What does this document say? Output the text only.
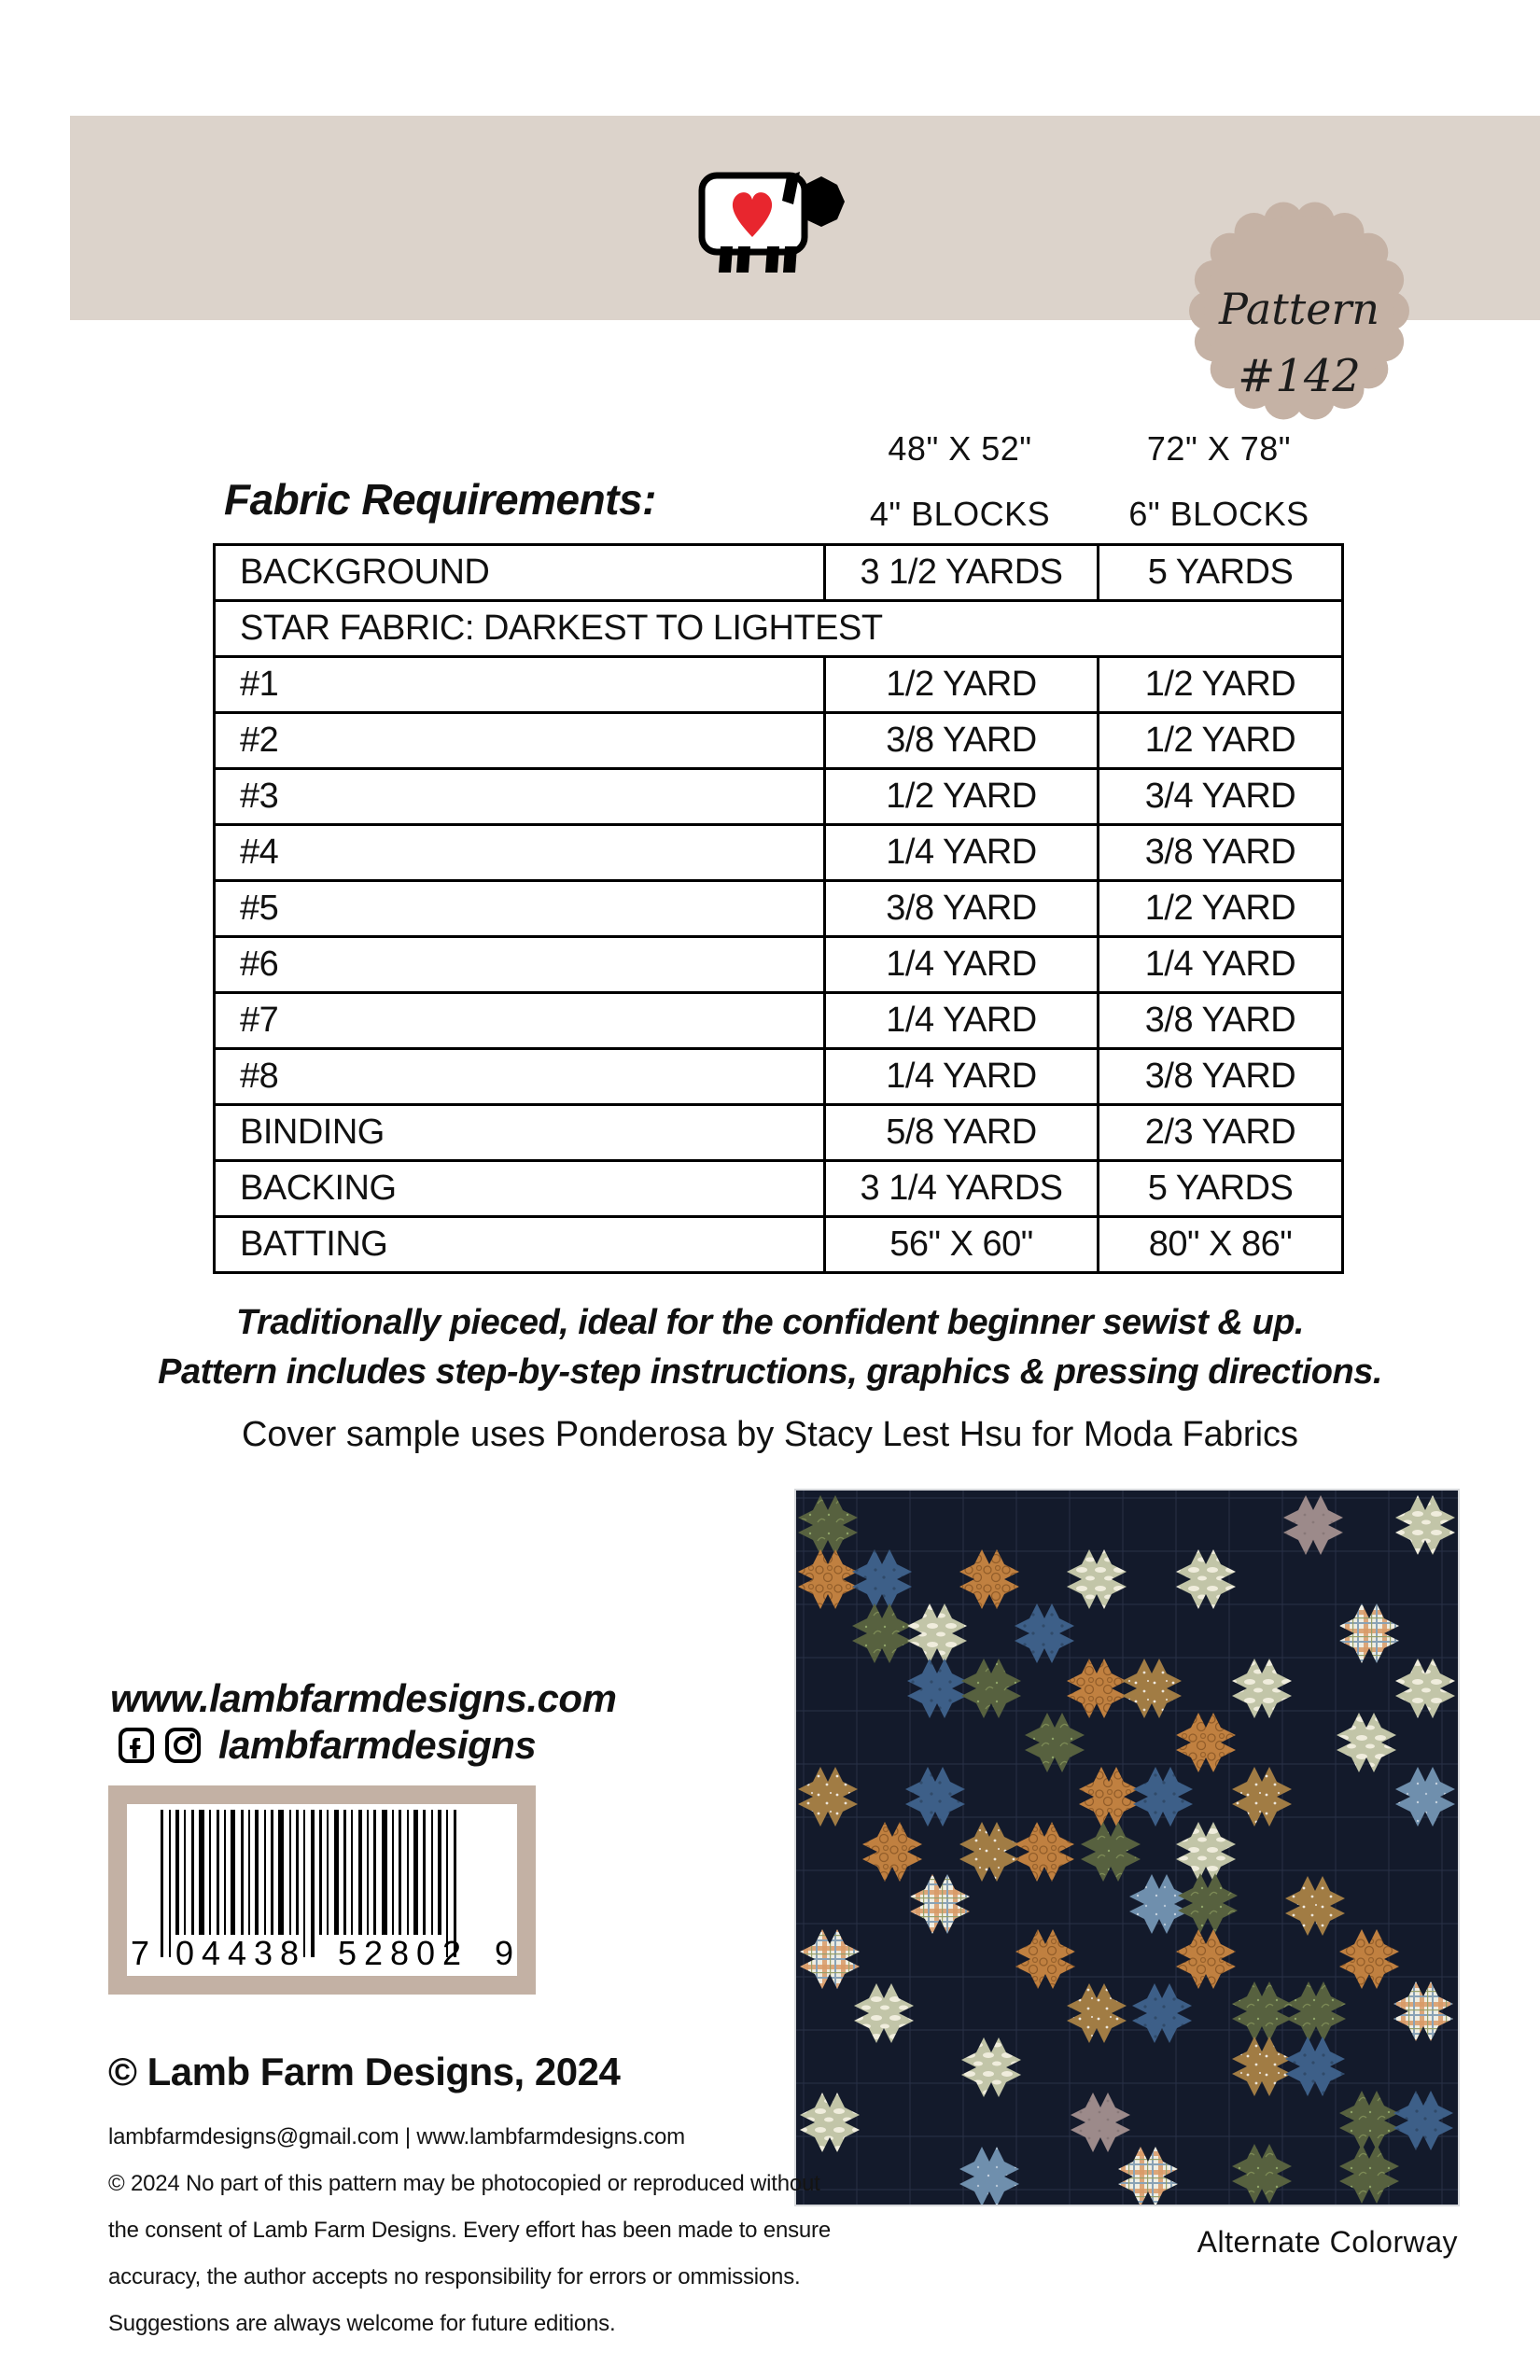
Pattern
#142
Fabric Requirements:
48" X 52"
4" BLOCKS
72" X 78"
6" BLOCKS
BACKGROUND	3 1/2 YARDS	5 YARDS
STAR FABRIC: DARKEST TO LIGHTEST		
#1	1/2 YARD	1/2 YARD
#2	3/8 YARD	1/2 YARD
#3	1/2 YARD	3/4 YARD
#4	1/4 YARD	3/8 YARD
#5	3/8 YARD	1/2 YARD
#6	1/4 YARD	1/4 YARD
#7	1/4 YARD	3/8 YARD
#8	1/4 YARD	3/8 YARD
BINDING	5/8 YARD	2/3 YARD
BACKING	3 1/4 YARDS	5 YARDS
BATTING	56" X 60"	80" X 86"
Traditionally pieced, ideal for the confident beginner sewist & up.
Pattern includes step-by-step instructions, graphics & pressing directions.
Cover sample uses Ponderosa by Stacy Lest Hsu for Moda Fabrics
Alternate Colorway
www.lambfarmdesigns.com
lambfarmdesigns
7 04438 52802 9
© Lamb Farm Designs, 2024
lambfarmdesigns@gmail.com | www.lambfarmdesigns.com
© 2024 No part of this pattern may be photocopied or reproduced without
the consent of Lamb Farm Designs. Every effort has been made to ensure
accuracy, the author accepts no responsibility for errors or ommissions.
Suggestions are always welcome for future editions.
